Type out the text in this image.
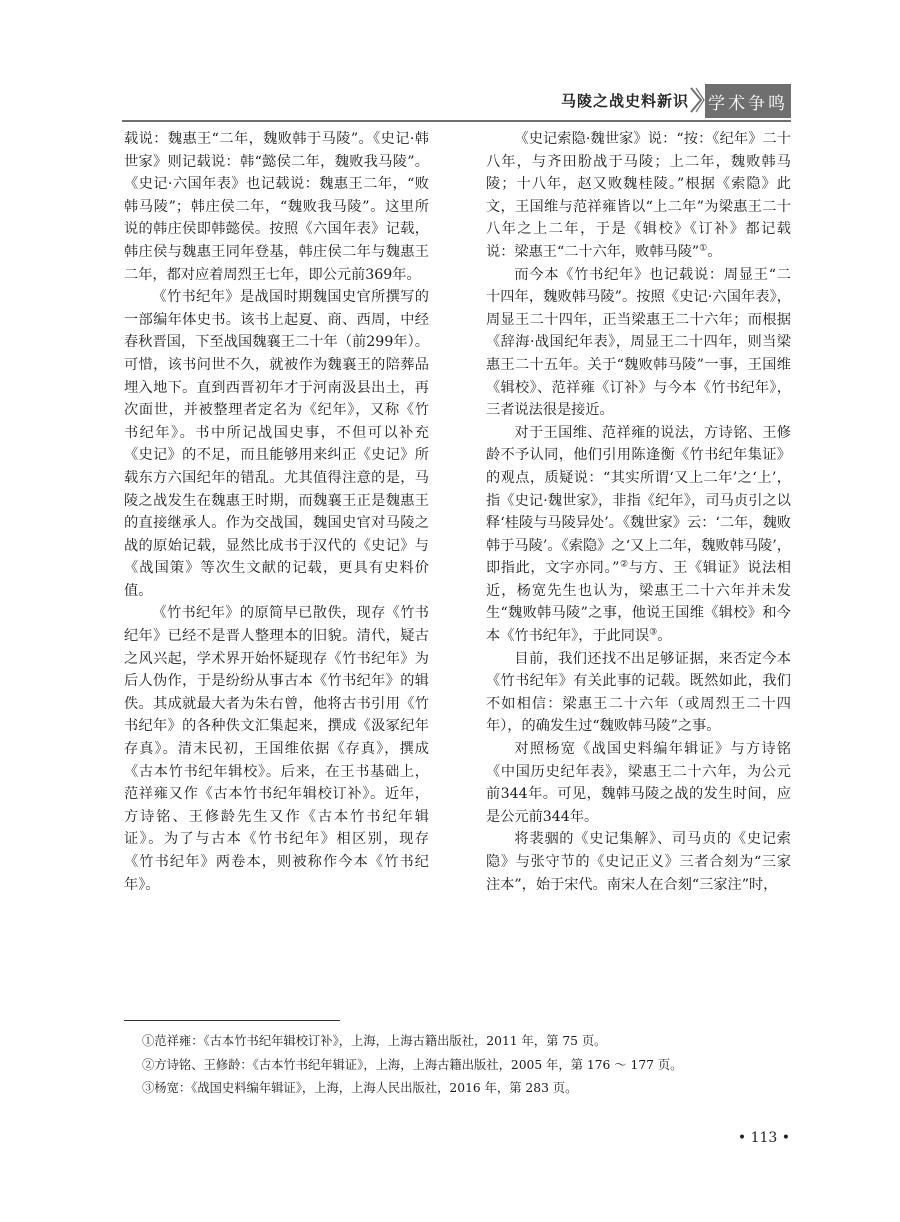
马陵之战史料新识 学术争鸣

载说：魏惠王“二年，魏败韩于马陵”。《史记·韩世家》则记载说：韩“懿侯二年，魏败我马陵”。《史记·六国年表》也记载说：魏惠王二年，“败韩马陵”；韩庄侯二年，“魏败我马陵”。这里所说的韩庄侯即韩懿侯。按照《六国年表》记载，韩庄侯与魏惠王同年登基，韩庄侯二年与魏惠王二年，都对应着周烈王七年，即公元前369年。

《竹书纪年》是战国时期魏国史官所撰写的一部编年体史书。该书上起夏、商、西周，中经春秋晋国，下至战国魏襄王二十年（前299年）。可惜，该书问世不久，就被作为魏襄王的陪葬品埋入地下。直到西晋初年才于河南汲县出土，再次面世，并被整理者定名为《纪年》，又称《竹书纪年》。书中所记战国史事，不但可以补充《史记》的不足，而且能够用来纠正《史记》所载东方六国纪年的错乱。尤其值得注意的是，马陵之战发生在魏惠王时期，而魏襄王正是魏惠王的直接继承人。作为交战国，魏国史官对马陵之战的原始记载，显然比成书于汉代的《史记》与《战国策》等次生文献的记载，更具有史料价值。

《竹书纪年》的原简早已散佚，现存《竹书纪年》已经不是晋人整理本的旧貌。清代，疑古之风兴起，学术界开始怀疑现存《竹书纪年》为后人伪作，于是纷纷从事古本《竹书纪年》的辑佚。其成就最大者为朱右曾，他将古书引用《竹书纪年》的各种佚文汇集起来，撰成《汲冢纪年存真》。清末民初，王国维依据《存真》，撰成《古本竹书纪年辑校》。后来，在王书基础上，范祥雍又作《古本竹书纪年辑校订补》。近年，方诗铭、王修龄先生又作《古本竹书纪年辑证》。为了与古本《竹书纪年》相区别，现存《竹书纪年》两卷本，则被称作今本《竹书纪年》。

《史记索隐·魏世家》说：“按：《纪年》二十八年，与齐田肦战于马陵；上二年，魏败韩马陵；十八年，赵又败魏桂陵。”根据《索隐》此文，王国维与范祥雍皆以“上二年”为梁惠王二十八年之上二年，于是《辑校》《订补》都记载说：梁惠王“二十六年，败韩马陵”①。

而今本《竹书纪年》也记载说：周显王“二十四年，魏败韩马陵”。按照《史记·六国年表》，周显王二十四年，正当梁惠王二十六年；而根据《辞海·战国纪年表》，周显王二十四年，则当梁惠王二十五年。关于“魏败韩马陵”一事，王国维《辑校》、范祥雍《订补》与今本《竹书纪年》，三者说法很是接近。

对于王国维、范祥雍的说法，方诗铭、王修龄不予认同，他们引用陈逢衡《竹书纪年集证》的观点，质疑说：“其实所谓‘又上二年’之‘上’，指《史记·魏世家》，非指《纪年》，司马贞引之以释‘桂陵与马陵异处’。《魏世家》云：‘二年，魏败韩于马陵’。《索隐》之‘又上二年，魏败韩马陵’，即指此，文字亦同。”②与方、王《辑证》说法相近，杨宽先生也认为，梁惠王二十六年并未发生“魏败韩马陵”之事，他说王国维《辑校》和今本《竹书纪年》，于此同误③。

目前，我们还找不出足够证据，来否定今本《竹书纪年》有关此事的记载。既然如此，我们不如相信：梁惠王二十六年（或周烈王二十四年），的确发生过“魏败韩马陵”之事。

对照杨宽《战国史料编年辑证》与方诗铭《中国历史纪年表》，梁惠王二十六年，为公元前344年。可见，魏韩马陵之战的发生时间，应是公元前344年。

将裴骃的《史记集解》、司马贞的《史记索隐》与张守节的《史记正义》三者合刻为“三家注本”，始于宋代。南宋人在合刻“三家注”时，

①范祥雍：《古本竹书纪年辑校订补》，上海，上海古籍出版社，2011 年，第 75 页。
②方诗铭、王修龄：《古本竹书纪年辑证》，上海，上海古籍出版社，2005 年，第 176 ～ 177 页。
③杨宽：《战国史料编年辑证》，上海，上海人民出版社，2016 年，第 283 页。
• 113 •
